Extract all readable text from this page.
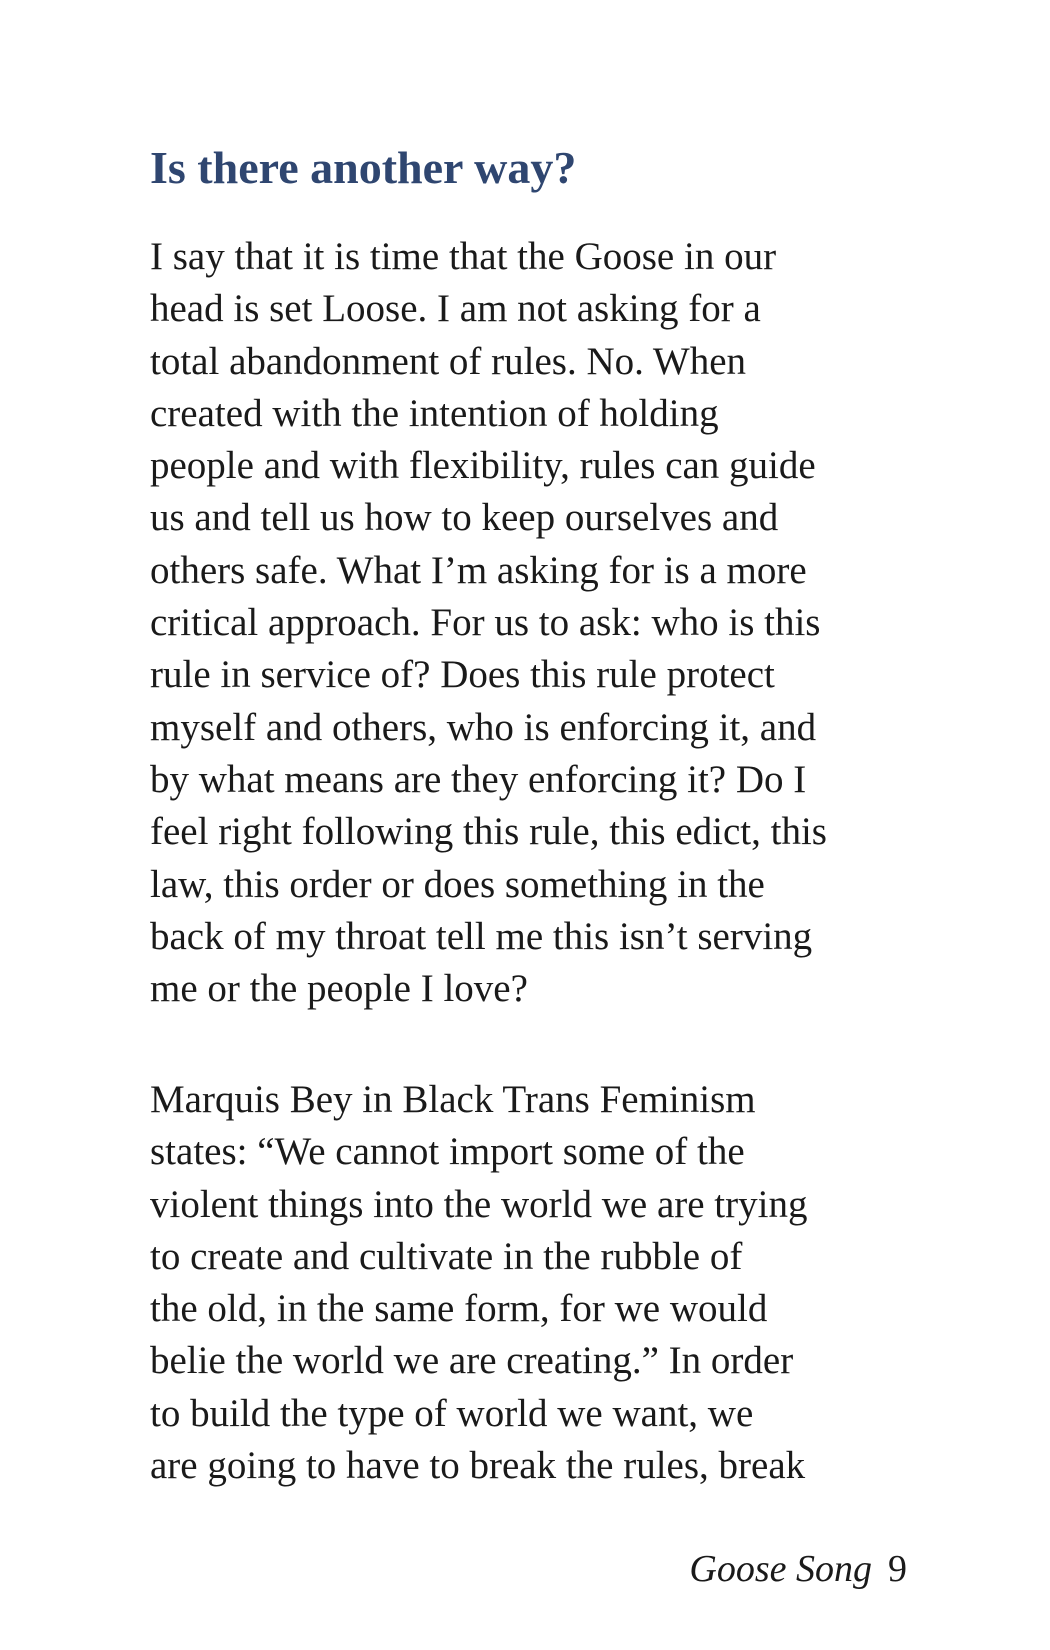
Is there another way?
I say that it is time that the Goose in our
head is set Loose. I am not asking for a
total abandonment of rules. No. When
created with the intention of holding
people and with flexibility, rules can guide
us and tell us how to keep ourselves and
others safe. What I’m asking for is a more
critical approach. For us to ask: who is this
rule in service of? Does this rule protect
myself and others, who is enforcing it, and
by what means are they enforcing it? Do I
feel right following this rule, this edict, this
law, this order or does something in the
back of my throat tell me this isn’t serving
me or the people I love?
Marquis Bey in Black Trans Feminism
states: “We cannot import some of the
violent things into the world we are trying
to create and cultivate in the rubble of
the old, in the same form, for we would
belie the world we are creating.” In order
to build the type of world we want, we
are going to have to break the rules, break
Goose Song 9
